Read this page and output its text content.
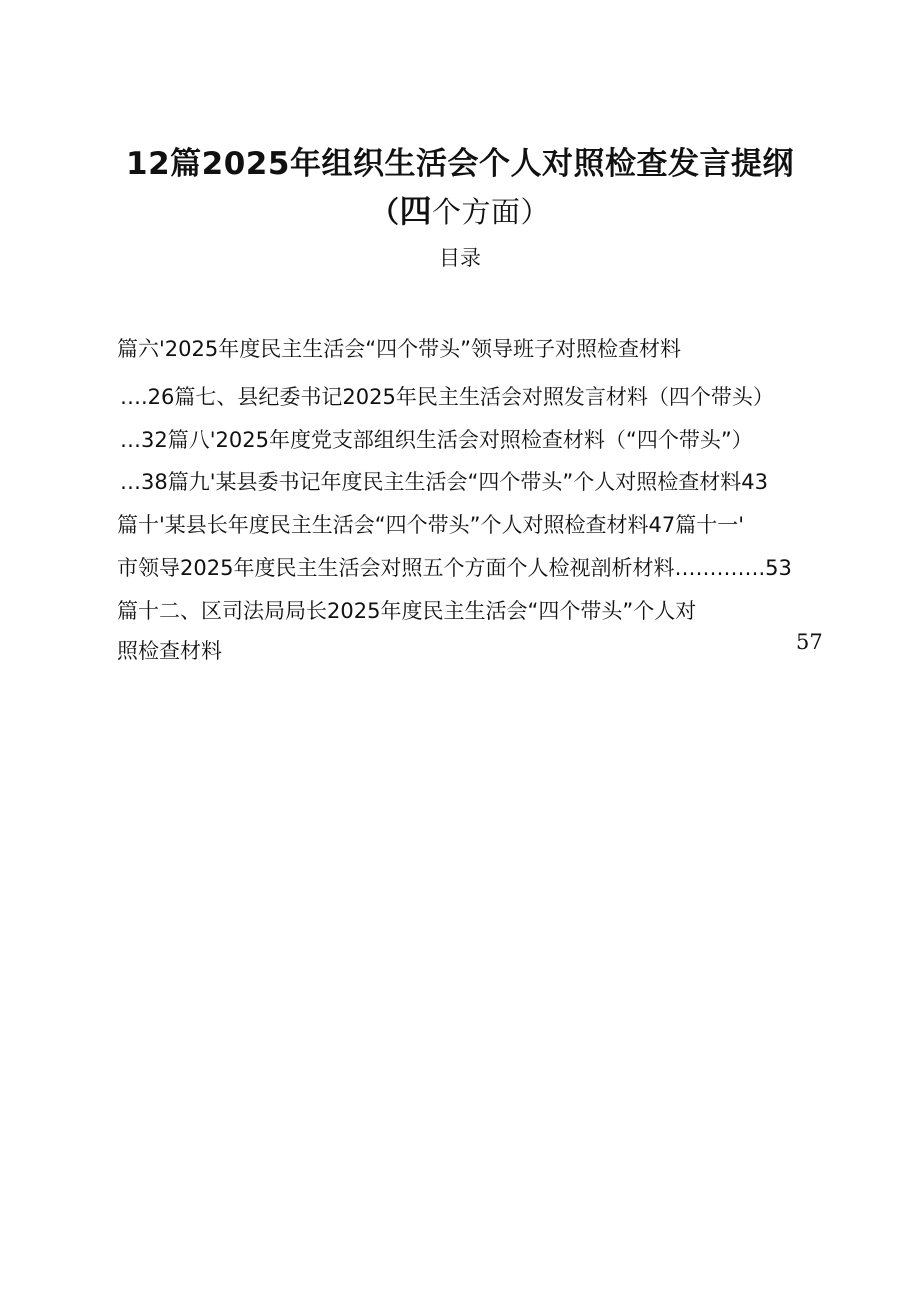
12篇2025年组织生活会个人对照检查发言提纲
（四个方面）
目录
篇六'2025年度民主生活会“四个带头”领导班子对照检查材料
….26篇七、县纪委书记2025年民主生活会对照发言材料（四个带头）
…32篇八'2025年度党支部组织生活会对照检查材料（“四个带头”）
…38篇九'某县委书记年度民主生活会“四个带头”个人对照检查材料43
篇十'某县长年度民主生活会“四个带头”个人对照检查材料47篇十一'
市领导2025年度民主生活会对照五个方面个人检视剖析材料………….53
篇十二、区司法局局长2025年度民主生活会“四个带头”个人对
照检查材料	57
